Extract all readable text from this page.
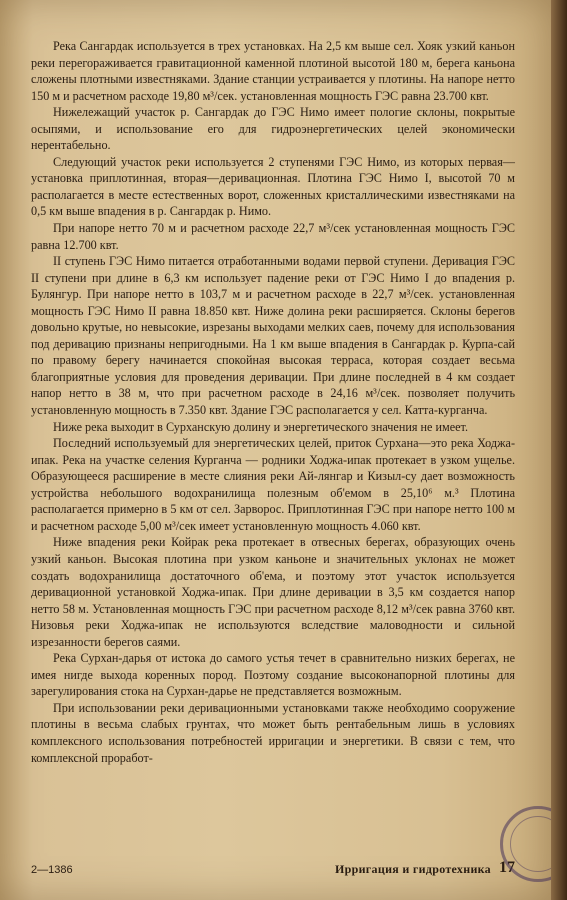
Река Сангардак используется в трех установках. На 2,5 км выше сел. Хояк узкий каньон реки перегораживается гравитационной каменной плотиной высотой 180 м, берега каньона сложены плотными известняками. Здание станции устраивается у плотины. На напоре нетто 150 м и расчетном расходе 19,80 м³/сек. установленная мощность ГЭС равна 23.700 квт.

Нижележащий участок р. Сангардак до ГЭС Нимо имеет пологие склоны, покрытые осыпями, и использование его для гидроэнергетических целей экономически нерентабельно.

Следующий участок реки используется 2 ступенями ГЭС Нимо, из которых первая—установка приплотинная, вторая—деривационная. Плотина ГЭС Нимо I, высотой 70 м располагается в месте естественных ворот, сложенных кристаллическими известняками на 0,5 км выше впадения в р. Сангардак р. Нимо.

При напоре нетто 70 м и расчетном расходе 22,7 м³/сек установленная мощность ГЭС равна 12.700 квт.

II ступень ГЭС Нимо питается отработанными водами первой ступени. Деривация ГЭС II ступени при длине в 6,3 км использует падение реки от ГЭС Нимо I до впадения р. Булянгур. При напоре нетто в 103,7 м и расчетном расходе в 22,7 м³/сек. установленная мощность ГЭС Нимо II равна 18.850 квт. Ниже долина реки расширяется. Склоны берегов довольно крутые, но невысокие, изрезаны выходами мелких саев, почему для использования под деривацию признаны непригодными. На 1 км выше впадения в Сангардак р. Курпа-сай по правому берегу начинается спокойная высокая терраса, которая создает весьма благоприятные условия для проведения деривации. При длине последней в 4 км создает напор нетто в 38 м, что при расчетном расходе в 24,16 м³/сек. позволяет получить установленную мощность в 7.350 квт. Здание ГЭС располагается у сел. Катта-курганча.

Ниже река выходит в Сурханскую долину и энергетического значения не имеет.

Последний используемый для энергетических целей, приток Сурхана—это река Ходжа-ипак. Река на участке селения Курганча — родники Ходжа-ипак протекает в узком ущелье. Образующееся расширение в месте слияния реки Ай-лянгар и Кизыл-су дает возможность устройства небольшого водохранилища полезным об'емом в 25,10⁶ м.³ Плотина располагается примерно в 5 км от сел. Зарворос. Приплотинная ГЭС при напоре нетто 100 м и расчетном расходе 5,00 м³/сек имеет установленную мощность 4.060 квт.

Ниже впадения реки Койрак река протекает в отвесных берегах, образующих очень узкий каньон. Высокая плотина при узком каньоне и значительных уклонах не может создать водохранилища достаточного об'ема, и поэтому этот участок используется деривационной установкой Ходжа-ипак. При длине деривации в 3,5 км создается напор нетто 58 м. Установленная мощность ГЭС при расчетном расходе 8,12 м³/сек равна 3760 квт. Низовья реки Ходжа-ипак не используются вследствие маловодности и сильной изрезанности берегов саями.

Река Сурхан-дарья от истока до самого устья течет в сравнительно низких берегах, не имея нигде выхода коренных пород. Поэтому создание высоконапорной плотины для зарегулирования стока на Сурхан-дарье не представляется возможным.

При использовании реки деривационными установками также необходимо сооружение плотины в весьма слабых грунтах, что может быть рентабельным лишь в условиях комплексного использования потребностей ирригации и энергетики. В связи с тем, что комплексной проработ-

2—1386	Ирригация и гидротехника 17
